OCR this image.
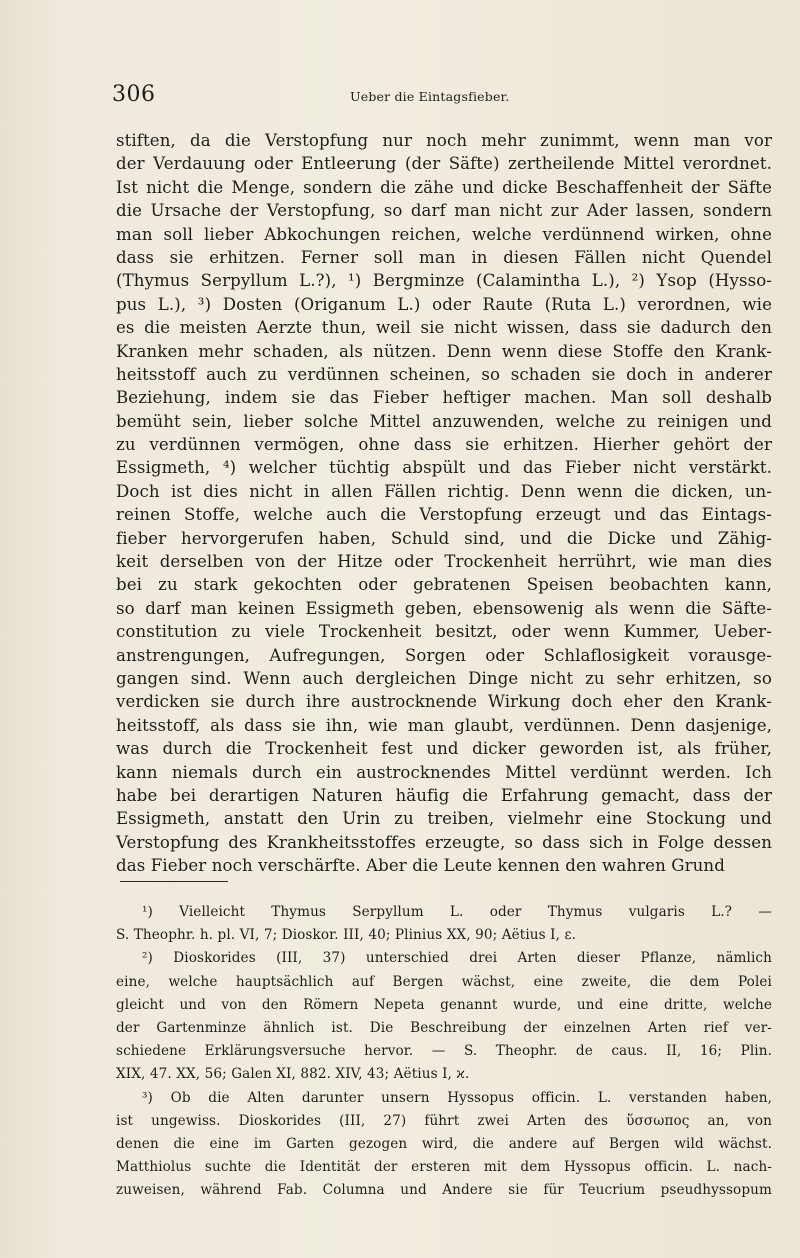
306	Ueber die Eintagsfieber.
stiften, da die Verstopfung nur noch mehr zunimmt, wenn man vor
der Verdauung oder Entleerung (der Säfte) zertheilende Mittel verordnet.
Ist nicht die Menge, sondern die zähe und dicke Beschaffenheit der Säfte
die Ursache der Verstopfung, so darf man nicht zur Ader lassen, sondern
man soll lieber Abkochungen reichen, welche verdünnend wirken, ohne
dass sie erhitzen. Ferner soll man in diesen Fällen nicht Quendel
(Thymus Serpyllum L.?), ¹) Bergminze (Calamintha L.), ²) Ysop (Hysso-
pus L.), ³) Dosten (Origanum L.) oder Raute (Ruta L.) verordnen, wie
es die meisten Aerzte thun, weil sie nicht wissen, dass sie dadurch den
Kranken mehr schaden, als nützen. Denn wenn diese Stoffe den Krank-
heitsstoff auch zu verdünnen scheinen, so schaden sie doch in anderer
Beziehung, indem sie das Fieber heftiger machen. Man soll deshalb
bemüht sein, lieber solche Mittel anzuwenden, welche zu reinigen und
zu verdünnen vermögen, ohne dass sie erhitzen. Hierher gehört der
Essigmeth, ⁴) welcher tüchtig abspült und das Fieber nicht verstärkt.
Doch ist dies nicht in allen Fällen richtig. Denn wenn die dicken, un-
reinen Stoffe, welche auch die Verstopfung erzeugt und das Eintags-
fieber hervorgerufen haben, Schuld sind, und die Dicke und Zähig-
keit derselben von der Hitze oder Trockenheit herrührt, wie man dies
bei zu stark gekochten oder gebratenen Speisen beobachten kann,
so darf man keinen Essigmeth geben, ebensowenig als wenn die Säfte-
constitution zu viele Trockenheit besitzt, oder wenn Kummer, Ueber-
anstrengungen, Aufregungen, Sorgen oder Schlaflosigkeit vorausge-
gangen sind. Wenn auch dergleichen Dinge nicht zu sehr erhitzen, so
verdicken sie durch ihre austrocknende Wirkung doch eher den Krank-
heitsstoff, als dass sie ihn, wie man glaubt, verdünnen. Denn dasjenige,
was durch die Trockenheit fest und dicker geworden ist, als früher,
kann niemals durch ein austrocknendes Mittel verdünnt werden. Ich
habe bei derartigen Naturen häufig die Erfahrung gemacht, dass der
Essigmeth, anstatt den Urin zu treiben, vielmehr eine Stockung und
Verstopfung des Krankheitsstoffes erzeugte, so dass sich in Folge dessen
das Fieber noch verschärfte. Aber die Leute kennen den wahren Grund
¹) Vielleicht Thymus Serpyllum L. oder Thymus vulgaris L.? —
S. Theophr. h. pl. VI, 7; Dioskor. III, 40; Plinius XX, 90; Aëtius I, ε.
²) Dioskorides (III, 37) unterschied drei Arten dieser Pflanze, nämlich
eine, welche hauptsächlich auf Bergen wächst, eine zweite, die dem Polei
gleicht und von den Römern Nepeta genannt wurde, und eine dritte, welche
der Gartenminze ähnlich ist. Die Beschreibung der einzelnen Arten rief ver-
schiedene Erklärungsversuche hervor. — S. Theophr. de caus. II, 16; Plin.
XIX, 47. XX, 56; Galen XI, 882. XIV, 43; Aëtius I, ϰ.
³) Ob die Alten darunter unsern Hyssopus officin. L. verstanden haben,
ist ungewiss. Dioskorides (III, 27) führt zwei Arten des ὕσσωπος an, von
denen die eine im Garten gezogen wird, die andere auf Bergen wild wächst.
Matthiolus suchte die Identität der ersteren mit dem Hyssopus officin. L. nach-
zuweisen, während Fab. Columna und Andere sie für Teucrium pseudhyssopum
